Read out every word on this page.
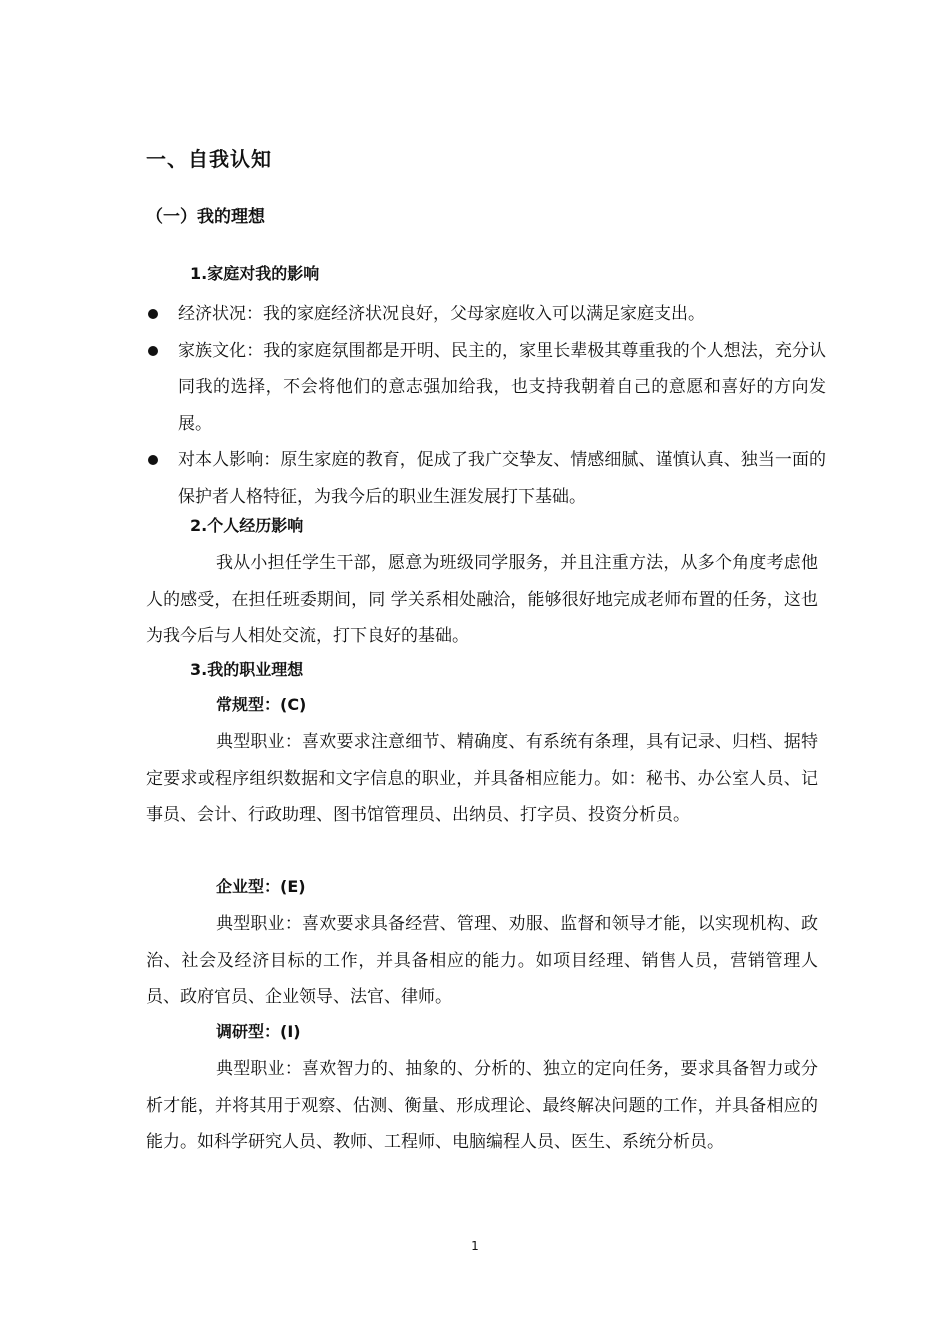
一、自我认知
（一）我的理想
1.家庭对我的影响
经济状况：我的家庭经济状况良好，父母家庭收入可以满足家庭支出。
家族文化：我的家庭氛围都是开明、民主的，家里长辈极其尊重我的个人想法，充分认同我的选择，不会将他们的意志强加给我，也支持我朝着自己的意愿和喜好的方向发展。
对本人影响：原生家庭的教育，促成了我广交挚友、情感细腻、谨慎认真、独当一面的保护者人格特征，为我今后的职业生涯发展打下基础。
2.个人经历影响

我从小担任学生干部，愿意为班级同学服务，并且注重方法，从多个角度考虑他人的感受，在担任班委期间，同 学关系相处融洽，能够很好地完成老师布置的任务，这也为我今后与人相处交流，打下良好的基础。

3.我的职业理想
常规型：(C)

典型职业：喜欢要求注意细节、精确度、有系统有条理，具有记录、归档、据特定要求或程序组织数据和文字信息的职业，并具备相应能力。如：秘书、办公室人员、记事员、会计、行政助理、图书馆管理员、出纳员、打字员、投资分析员。

企业型：(E)

典型职业：喜欢要求具备经营、管理、劝服、监督和领导才能，以实现机构、政治、社会及经济目标的工作，并具备相应的能力。如项目经理、销售人员，营销管理人员、政府官员、企业领导、法官、律师。

调研型：(I)

典型职业：喜欢智力的、抽象的、分析的、独立的定向任务，要求具备智力或分析才能，并将其用于观察、估测、衡量、形成理论、最终解决问题的工作，并具备相应的能力。如科学研究人员、教师、工程师、电脑编程人员、医生、系统分析员。

1
